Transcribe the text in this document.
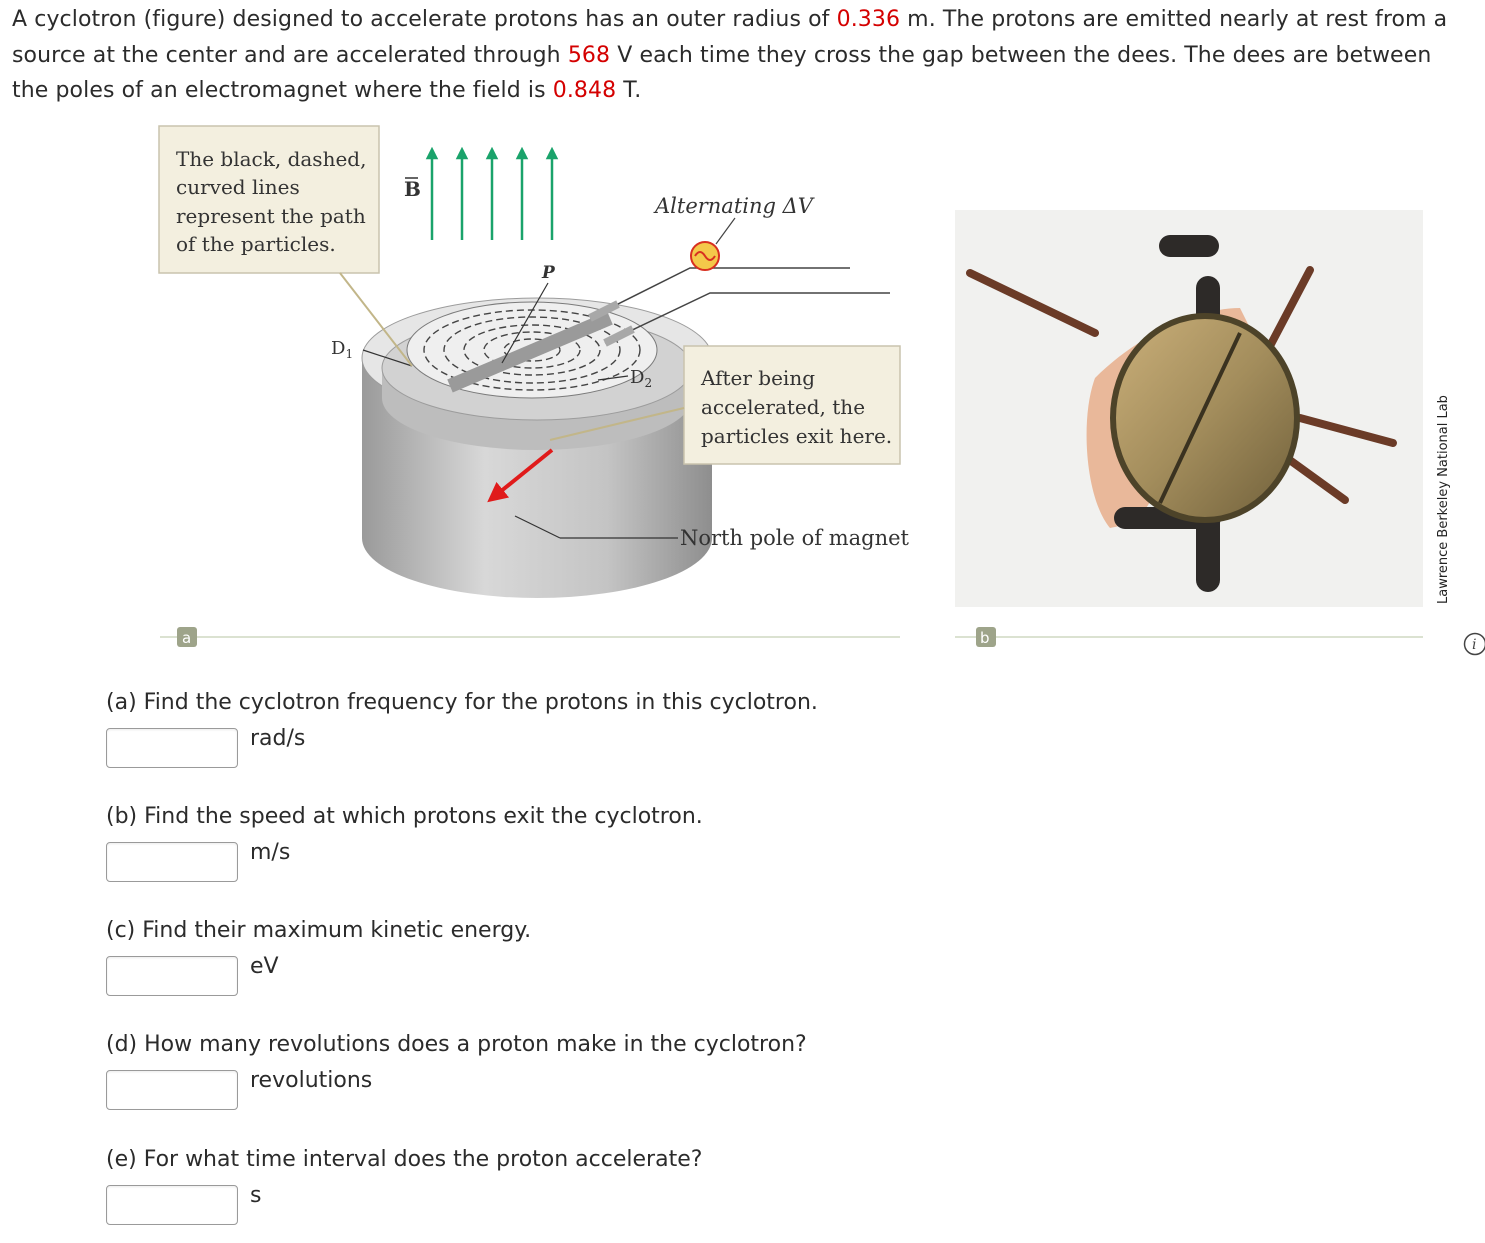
A cyclotron (figure) designed to accelerate protons has an outer radius of 0.336 m. The protons are emitted nearly at rest from a source at the center and are accelerated through 568 V each time they cross the gap between the dees. The dees are between the poles of an electromagnet where the field is 0.848 T.
B
Alternating ΔV
P
$D_1$
$D_2$
The black, dashed, curved lines represent the path of the particles.
After being accelerated, the particles exit here.
North pole of magnet
a	b
Lawrence Berkeley National Lab
i
(a) Find the cyclotron frequency for the protons in this cyclotron.
rad/s
(b) Find the speed at which protons exit the cyclotron.
m/s
(c) Find their maximum kinetic energy.
eV
(d) How many revolutions does a proton make in the cyclotron?
revolutions
(e) For what time interval does the proton accelerate?
s
